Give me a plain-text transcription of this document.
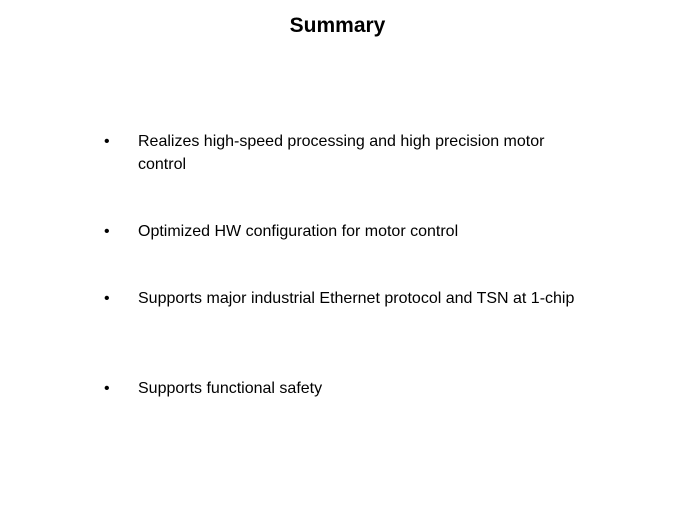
Summary
• Realizes high-speed processing and high precision motor control
• Optimized HW configuration for motor control
• Supports major industrial Ethernet protocol and TSN at 1-chip
• Supports functional safety
